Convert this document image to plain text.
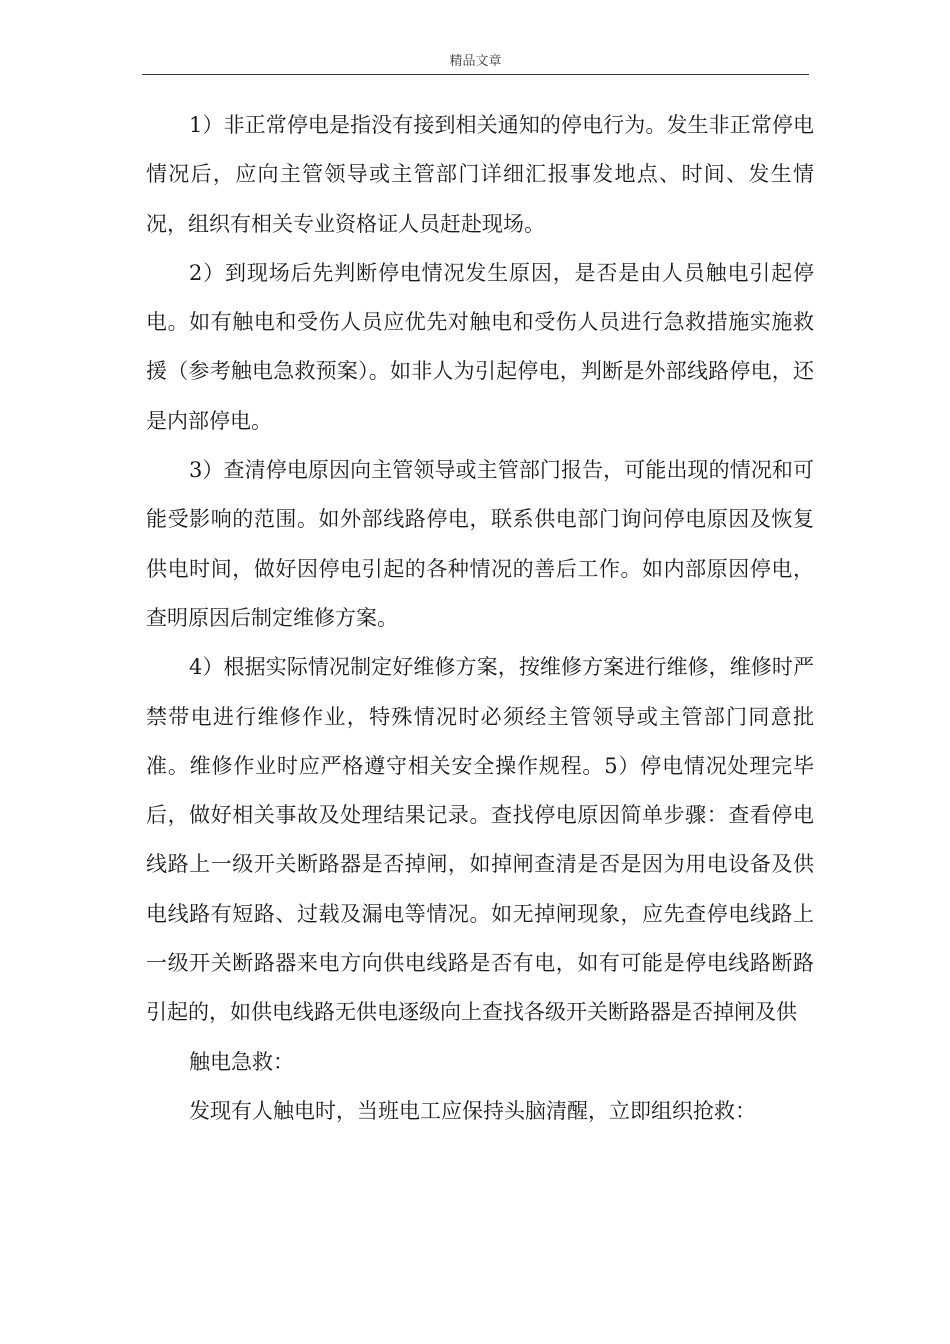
精品文章

1）非正常停电是指没有接到相关通知的停电行为。发生非正常停电情况后，应向主管领导或主管部门详细汇报事发地点、时间、发生情况，组织有相关专业资格证人员赶赴现场。

2）到现场后先判断停电情况发生原因，是否是由人员触电引起停电。如有触电和受伤人员应优先对触电和受伤人员进行急救措施实施救援（参考触电急救预案）。如非人为引起停电，判断是外部线路停电，还是内部停电。

3）查清停电原因向主管领导或主管部门报告，可能出现的情况和可能受影响的范围。如外部线路停电，联系供电部门询问停电原因及恢复供电时间，做好因停电引起的各种情况的善后工作。如内部原因停电，查明原因后制定维修方案。

4）根据实际情况制定好维修方案，按维修方案进行维修，维修时严禁带电进行维修作业，特殊情况时必须经主管领导或主管部门同意批准。维修作业时应严格遵守相关安全操作规程。5）停电情况处理完毕后，做好相关事故及处理结果记录。查找停电原因简单步骤：查看停电线路上一级开关断路器是否掉闸，如掉闸查清是否是因为用电设备及供电线路有短路、过载及漏电等情况。如无掉闸现象，应先查停电线路上一级开关断路器来电方向供电线路是否有电，如有可能是停电线路断路引起的，如供电线路无供电逐级向上查找各级开关断路器是否掉闸及供

触电急救：

发现有人触电时，当班电工应保持头脑清醒，立即组织抢救：
